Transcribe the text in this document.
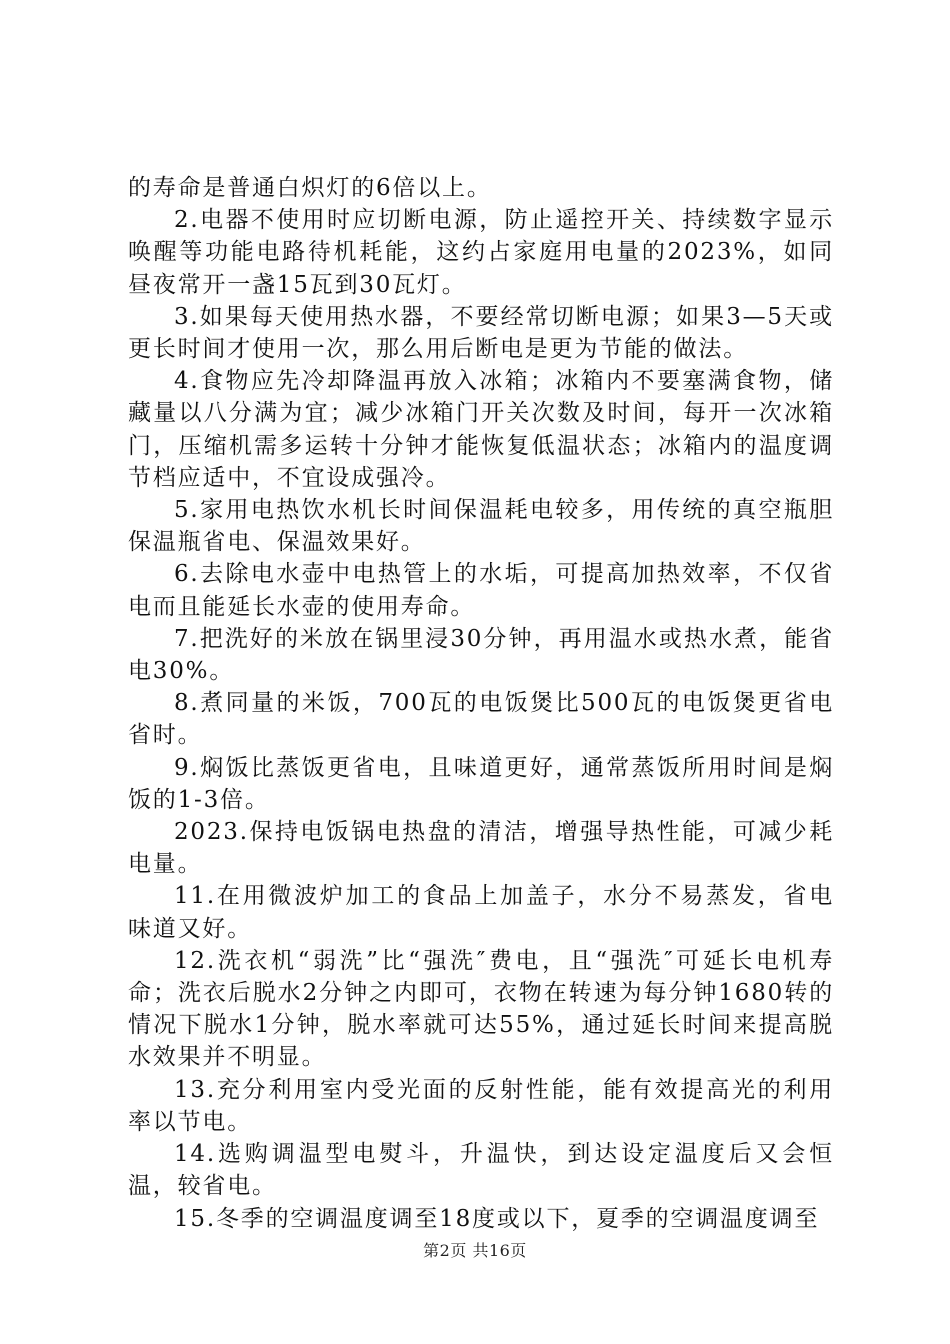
的寿命是普通白炽灯的6倍以上。

2.电器不使用时应切断电源，防止遥控开关、持续数字显示唤醒等功能电路待机耗能，这约占家庭用电量的2023%，如同昼夜常开一盏15瓦到30瓦灯。

3.如果每天使用热水器，不要经常切断电源；如果3—5天或更长时间才使用一次，那么用后断电是更为节能的做法。

4.食物应先冷却降温再放入冰箱；冰箱内不要塞满食物，储藏量以八分满为宜；减少冰箱门开关次数及时间，每开一次冰箱门，压缩机需多运转十分钟才能恢复低温状态；冰箱内的温度调节档应适中，不宜设成强冷。

5.家用电热饮水机长时间保温耗电较多，用传统的真空瓶胆保温瓶省电、保温效果好。

6.去除电水壶中电热管上的水垢，可提高加热效率，不仅省电而且能延长水壶的使用寿命。

7.把洗好的米放在锅里浸30分钟，再用温水或热水煮，能省电30%。

8.煮同量的米饭，700瓦的电饭煲比500瓦的电饭煲更省电省时。

9.焖饭比蒸饭更省电，且味道更好，通常蒸饭所用时间是焖饭的1-3倍。

2023.保持电饭锅电热盘的清洁，增强导热性能，可减少耗电量。

11.在用微波炉加工的食品上加盖子，水分不易蒸发，省电味道又好。

12.洗衣机“弱洗”比“强洗″费电，且“强洗″可延长电机寿命；洗衣后脱水2分钟之内即可，衣物在转速为每分钟1680转的情况下脱水1分钟，脱水率就可达55%，通过延长时间来提高脱水效果并不明显。

13.充分利用室内受光面的反射性能，能有效提高光的利用率以节电。

14.选购调温型电熨斗，升温快，到达设定温度后又会恒温，较省电。

15.冬季的空调温度调至18度或以下，夏季的空调温度调至

第2页 共16页
